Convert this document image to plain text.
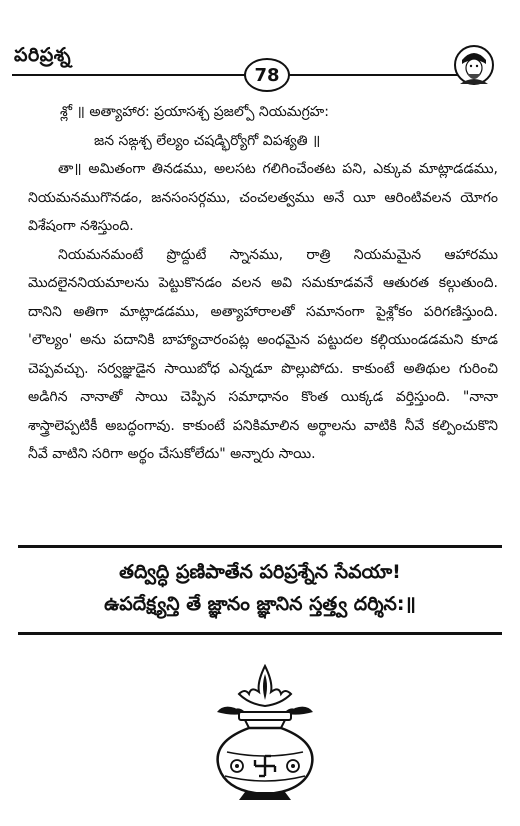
పరిప్రశ్న
78

శ్లో ॥ అత్యాహార: ప్రయాసశ్చ ప్రజల్పో నియమగ్రహ:

జన సఙ్గశ్చ లేల్యం చషడ్భిర్యోగో విపశ్యతి ॥

తా॥ అమితంగా తినడము, అలసట గలిగించేంతట పని, ఎక్కువ మాట్లాడడము, నియమనముగొనడం, జనసంసర్గము, చంచలత్వము అనే యీ ఆరింటివలన యోగం విశేషంగా నశిస్తుంది.

నియమనమంటే ప్రొద్దుటే స్నానము, రాత్రి నియమమైన ఆహారము మొదలైననియమాలను పెట్టుకొనడం వలన అవి సమకూడవనే ఆతురత కల్గుతుంది. దానిని అతిగా మాట్లాడడము, అత్యాహారాలతో సమానంగా పైశ్లోకం పరిగణిస్తుంది. 'లౌల్యం' అను పదానికి బాహ్యాచారంపట్ల అంధమైన పట్టుదల కల్గియుండడమని కూడ చెప్పవచ్చు. సర్వజ్ఞుడైన సాయిబోధ ఎన్నడూ పొల్లుపోదు. కాకుంటే అతిథుల గురించి అడిగిన నానాతో సాయి చెప్పిన సమాధానం కొంత యిక్కడ వర్తిస్తుంది. "నానా శాస్త్రాలెప్పటికీ అబద్ధంగావు. కాకుంటే పనికిమాలిన అర్థాలను వాటికి నీవే కల్పించుకొని నీవే వాటిని సరిగా అర్థం చేసుకోలేదు" అన్నారు సాయి.

తద్విద్ధి ప్రణిపాతేన పరిప్రశ్నేన సేవయా!

ఉపదేక్ష్యన్తి తే జ్ఞానం జ్ఞానిన స్తత్త్వ దర్శిన:॥
